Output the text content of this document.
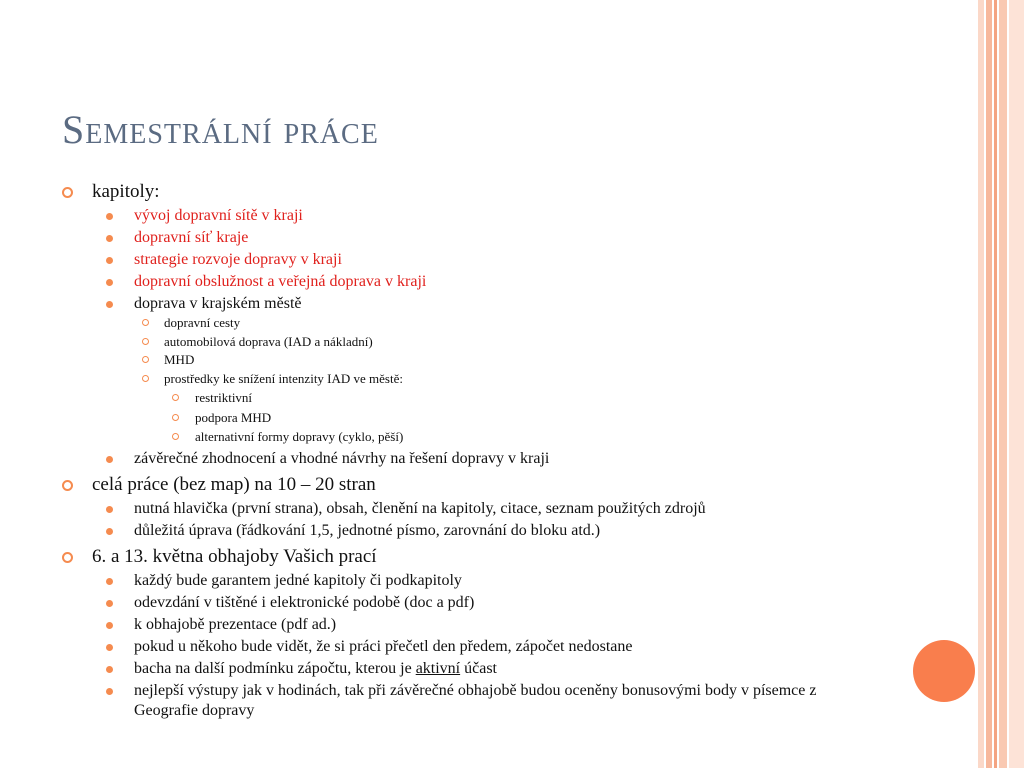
Semestrální práce
kapitoly:
vývoj dopravní sítě v kraji
dopravní síť kraje
strategie rozvoje dopravy v kraji
dopravní obslužnost a veřejná doprava v kraji
doprava v krajském městě
dopravní cesty
automobilová doprava (IAD a nákladní)
MHD
prostředky ke snížení intenzity IAD ve městě:
restriktivní
podpora MHD
alternativní formy dopravy (cyklo, pěší)
závěrečné zhodnocení a vhodné návrhy na řešení dopravy v kraji
celá práce (bez map) na 10 – 20 stran
nutná hlavička (první strana), obsah, členění na kapitoly, citace, seznam použitých zdrojů
důležitá úprava (řádkování 1,5, jednotné písmo, zarovnání do bloku atd.)
6. a 13. května obhajoby Vašich prací
každý bude garantem jedné kapitoly či podkapitoly
odevzdání v tištěné i elektronické podobě (doc a pdf)
k obhajobě prezentace (pdf ad.)
pokud u někoho bude vidět, že si práci přečetl den předem, zápočet nedostane
bacha na další podmínku zápočtu, kterou je aktivní účast
nejlepší výstupy jak v hodinách, tak při závěrečné obhajobě budou oceněny bonusovými body v písemce z Geografie dopravy
